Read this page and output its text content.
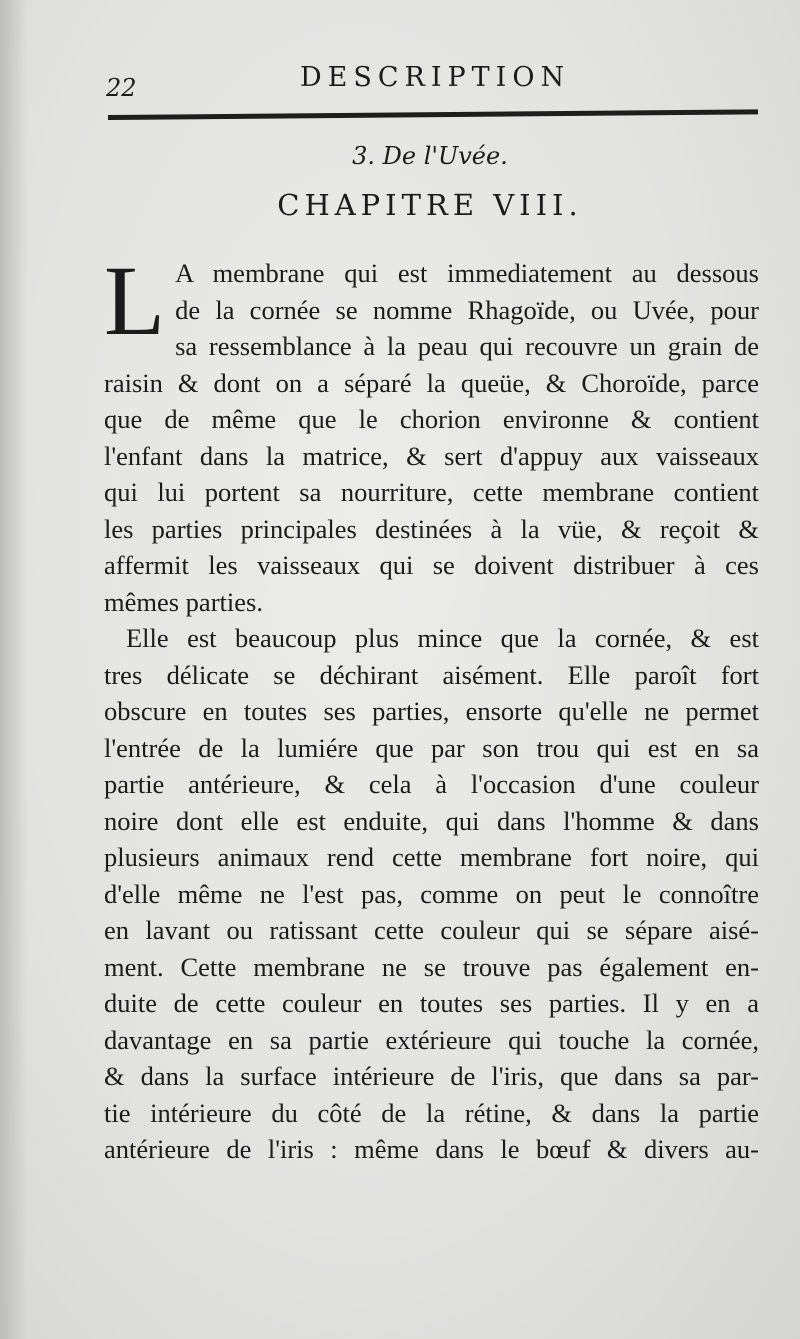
22	DESCRIPTION
3. De l'Uvée.
CHAPITRE VIII.

L A membrane qui est immediatement au dessous
de la cornée se nomme Rhagoïde, ou Uvée, pour
sa ressemblance à la peau qui recouvre un grain de
raisin & dont on a séparé la queüe, & Choroïde, parce
que de même que le chorion environne & contient
l'enfant dans la matrice, & sert d'appuy aux vaisseaux
qui lui portent sa nourriture, cette membrane contient
les parties principales destinées à la vüe, & reçoit &
affermit les vaisseaux qui se doivent distribuer à ces
mêmes parties.

Elle est beaucoup plus mince que la cornée, & est
tres délicate se déchirant aisément. Elle paroît fort
obscure en toutes ses parties, ensorte qu'elle ne permet
l'entrée de la lumiére que par son trou qui est en sa
partie antérieure, & cela à l'occasion d'une couleur
noire dont elle est enduite, qui dans l'homme & dans
plusieurs animaux rend cette membrane fort noire, qui
d'elle même ne l'est pas, comme on peut le connoître
en lavant ou ratissant cette couleur qui se sépare aisé-
ment. Cette membrane ne se trouve pas également en-
duite de cette couleur en toutes ses parties. Il y en a
davantage en sa partie extérieure qui touche la cornée,
& dans la surface intérieure de l'iris, que dans sa par-
tie intérieure du côté de la rétine, & dans la partie
antérieure de l'iris : même dans le bœuf & divers au-
